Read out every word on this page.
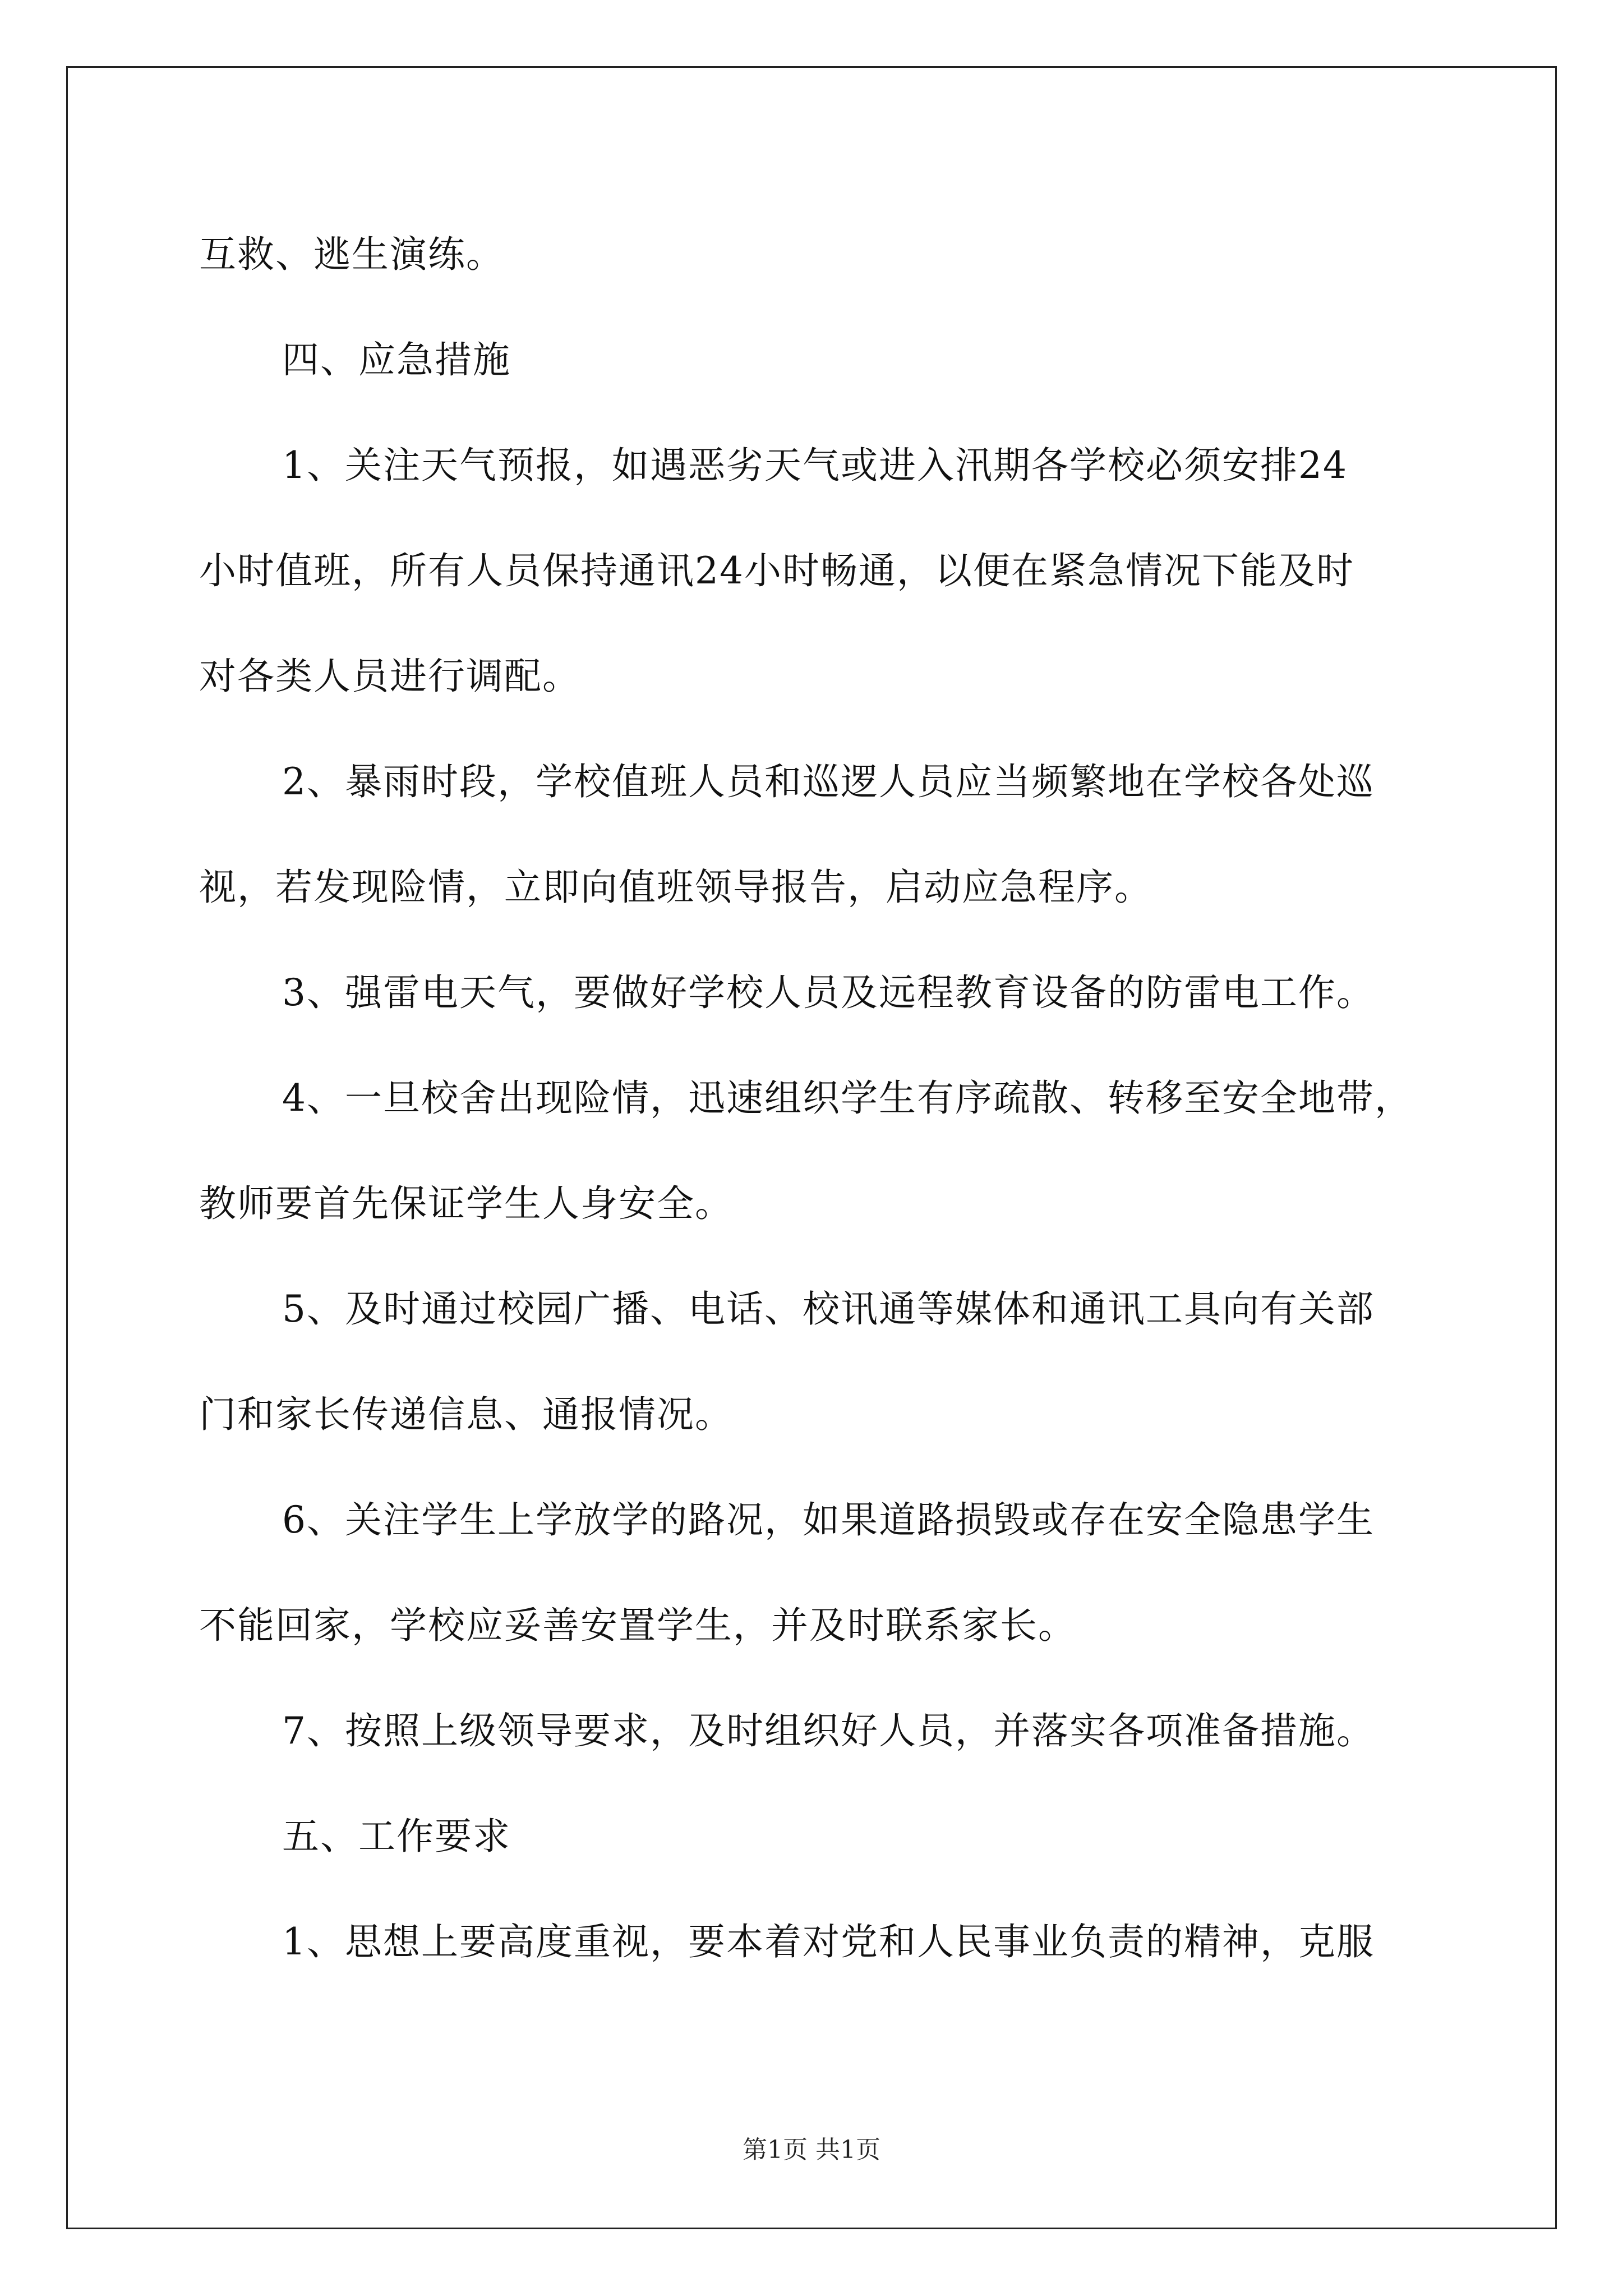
互救、逃生演练。
四、应急措施
1、关注天气预报，如遇恶劣天气或进入汛期各学校必须安排24
小时值班，所有人员保持通讯24小时畅通，以便在紧急情况下能及时
对各类人员进行调配。
2、暴雨时段，学校值班人员和巡逻人员应当频繁地在学校各处巡
视，若发现险情，立即向值班领导报告，启动应急程序。
3、强雷电天气，要做好学校人员及远程教育设备的防雷电工作。
4、一旦校舍出现险情，迅速组织学生有序疏散、转移至安全地带，
教师要首先保证学生人身安全。
5、及时通过校园广播、电话、校讯通等媒体和通讯工具向有关部
门和家长传递信息、通报情况。
6、关注学生上学放学的路况，如果道路损毁或存在安全隐患学生
不能回家，学校应妥善安置学生，并及时联系家长。
7、按照上级领导要求，及时组织好人员，并落实各项准备措施。
五、工作要求
1、思想上要高度重视，要本着对党和人民事业负责的精神，克服
第1页 共1页
